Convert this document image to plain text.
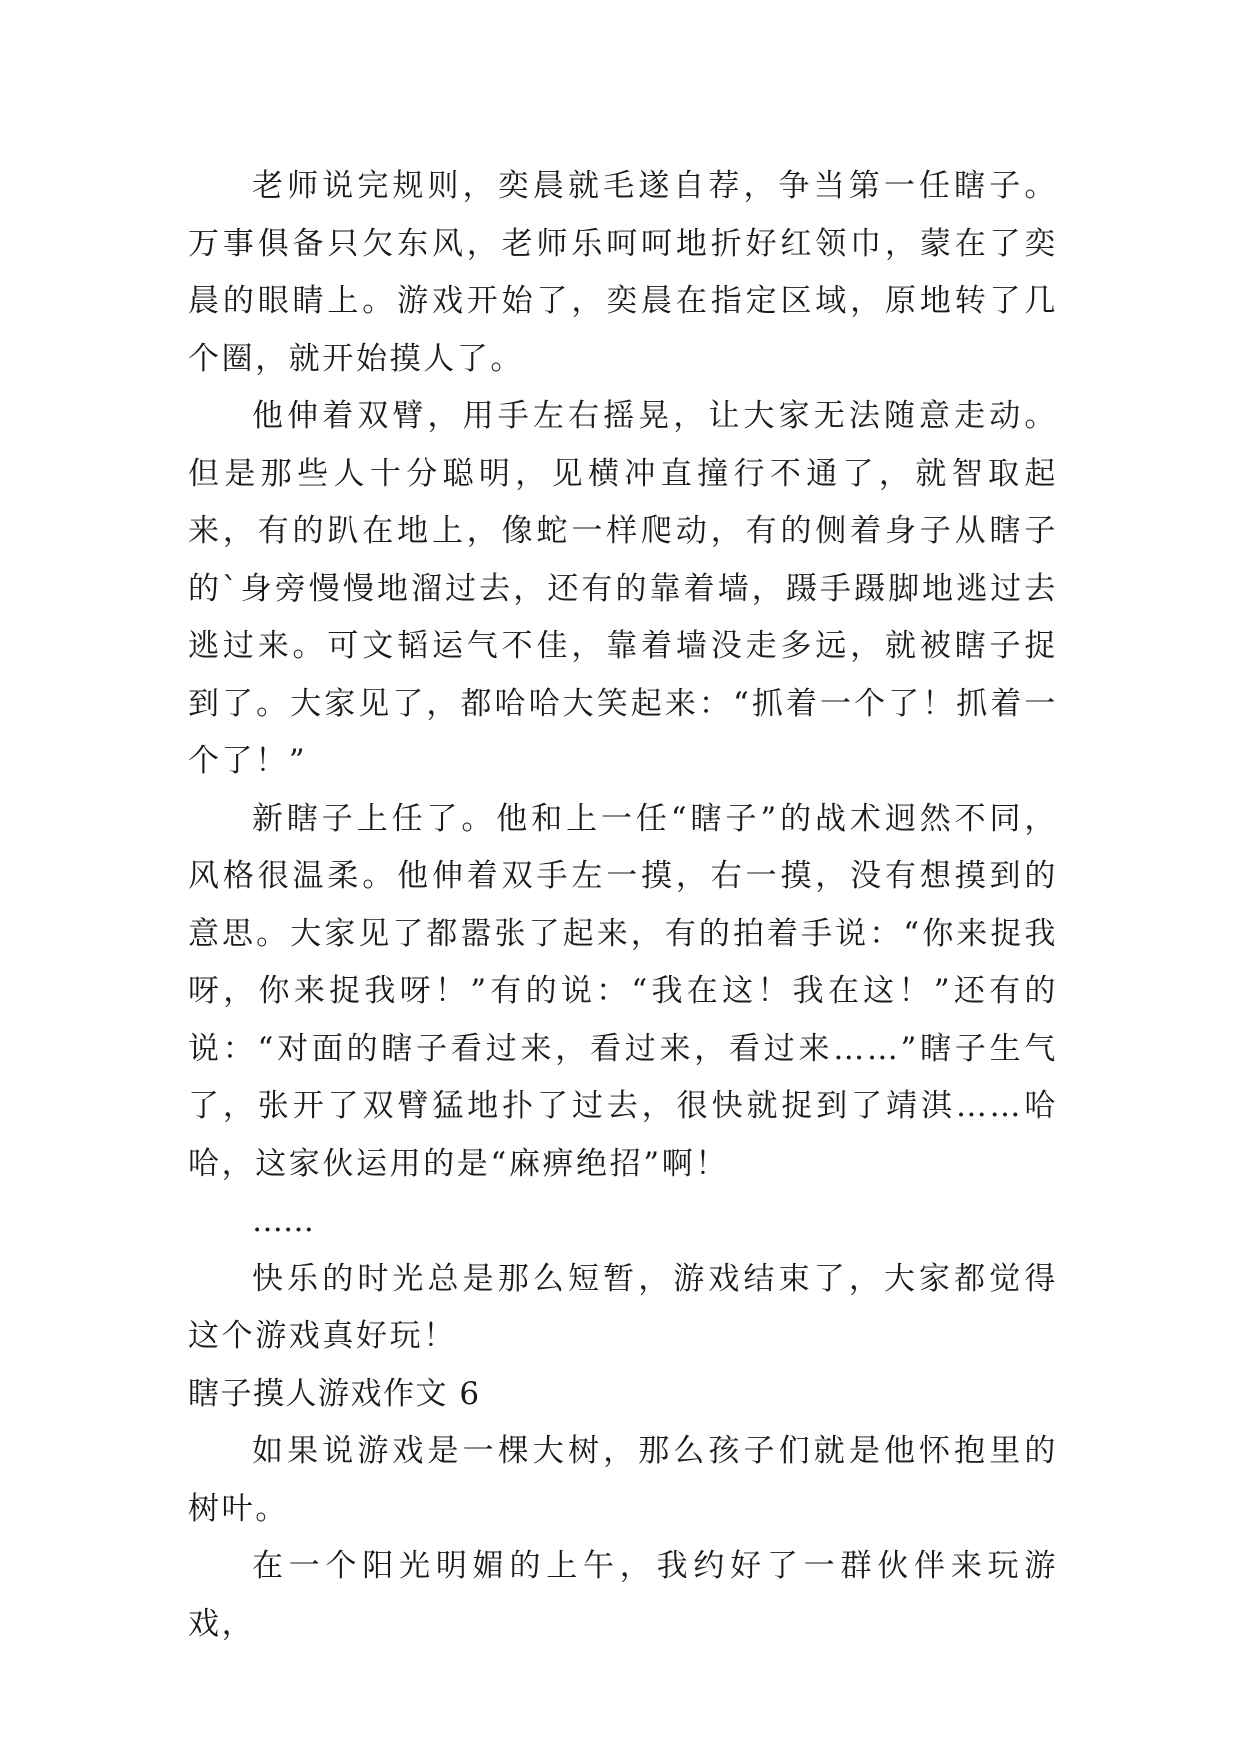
老师说完规则，奕晨就毛遂自荐，争当第一任瞎子。万事俱备只欠东风，老师乐呵呵地折好红领巾，蒙在了奕晨的眼睛上。游戏开始了，奕晨在指定区域，原地转了几个圈，就开始摸人了。

他伸着双臂，用手左右摇晃，让大家无法随意走动。但是那些人十分聪明，见横冲直撞行不通了，就智取起来，有的趴在地上，像蛇一样爬动，有的侧着身子从瞎子的`身旁慢慢地溜过去，还有的靠着墙，蹑手蹑脚地逃过去逃过来。可文韬运气不佳，靠着墙没走多远，就被瞎子捉到了。大家见了，都哈哈大笑起来：“抓着一个了！抓着一个了！”

新瞎子上任了。他和上一任“瞎子”的战术迥然不同，风格很温柔。他伸着双手左一摸，右一摸，没有想摸到的意思。大家见了都嚣张了起来，有的拍着手说：“你来捉我呀，你来捉我呀！”有的说：“我在这！我在这！”还有的说：“对面的瞎子看过来，看过来，看过来……”瞎子生气了，张开了双臂猛地扑了过去，很快就捉到了靖淇……哈哈，这家伙运用的是“麻痹绝招”啊！

……

快乐的时光总是那么短暂，游戏结束了，大家都觉得这个游戏真好玩！

瞎子摸人游戏作文 6

如果说游戏是一棵大树，那么孩子们就是他怀抱里的树叶。

在一个阳光明媚的上午，我约好了一群伙伴来玩游戏，
